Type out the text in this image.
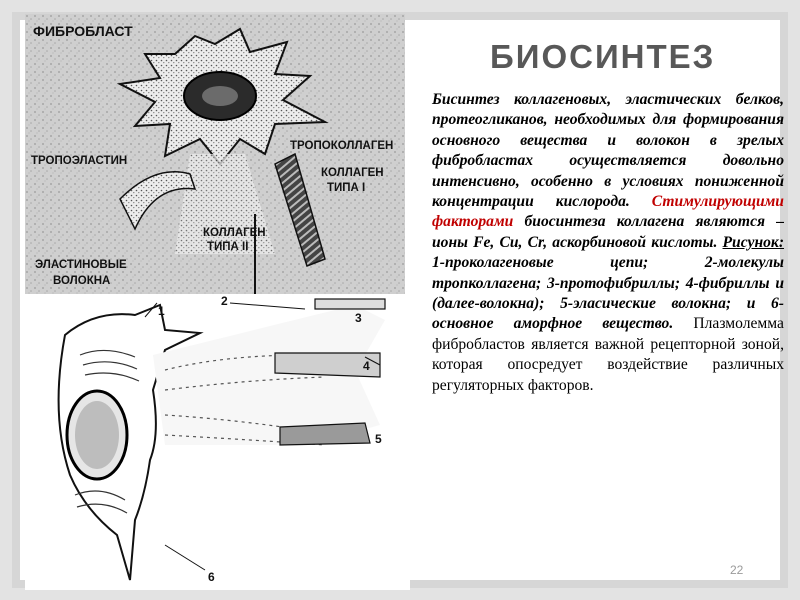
БИОСИНТЕЗ
Бисинтез коллагеновых, эластических белков, протеогликанов, необходимых для формирования основного вещества и волокон в зрелых фибробластах осуществляется довольно интенсивно, особенно в условиях пониженной концентрации кислорода. Стимулирующими факторами биосинтеза коллагена являются – ионы Fe, Cu, Cr, аскорбиновой кислоты. Рисунок: 1-проколагеновые цепи; 2-молекулы тропколлагена; 3-протофибриллы; 4-фибриллы и (далее-волокна); 5-эласические волокна; и 6-основное аморфное вещество. Плазмолемма фибробластов является важной рецепторной зоной, которая опосредует воздействие различных регуляторных факторов.
22
ФИБРОБЛАСТ
ТРОПОЭЛАСТИН
ТРОПОКОЛЛАГЕН
КОЛЛАГЕН
ТИПА I
КОЛЛАГЕН
ТИПА II
ЭЛАСТИНОВЫЕ
ВОЛОКНА
1
2
3
4
5
6
